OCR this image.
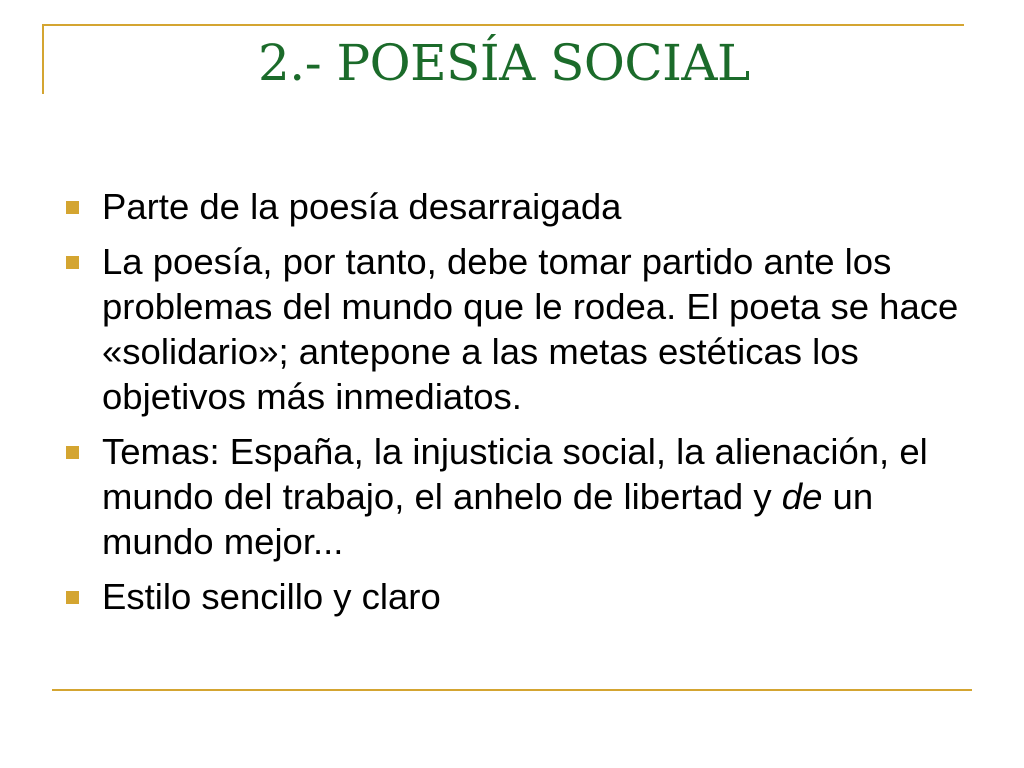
2.- POESÍA SOCIAL
Parte de la poesía desarraigada
La poesía, por tanto, debe tomar partido ante los problemas del mundo que le rodea. El poeta se hace «solidario»; antepone a las metas estéticas los objetivos más inmediatos.
Temas: España, la injusticia social, la alienación, el mundo del trabajo, el anhelo de libertad y de un mundo mejor...
Estilo sencillo y claro
